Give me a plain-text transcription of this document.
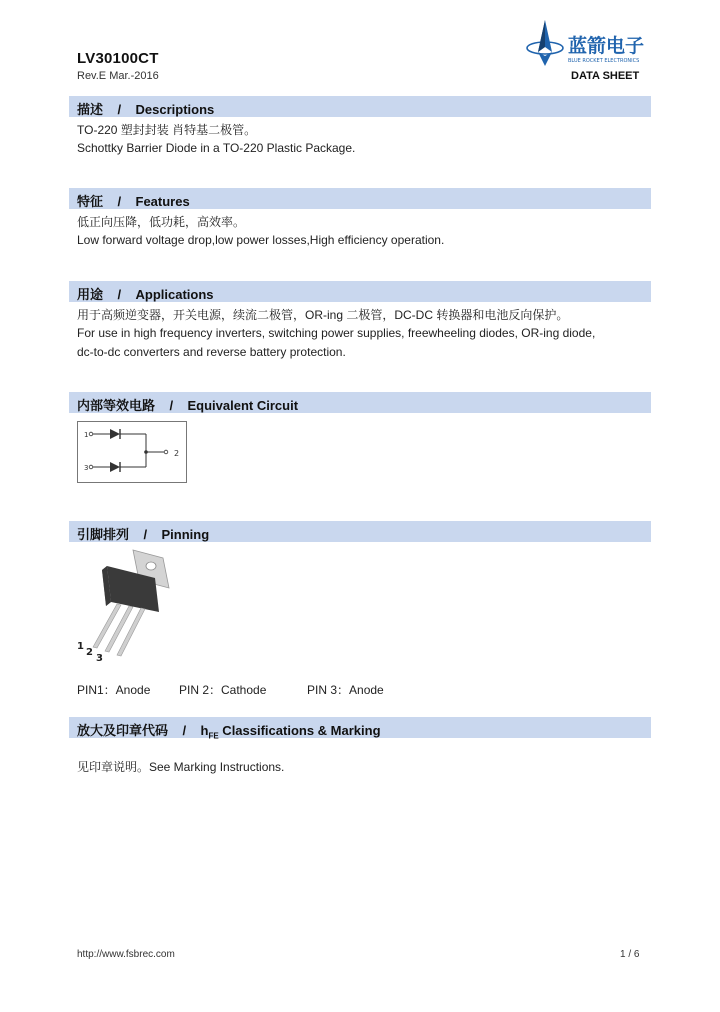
LV30100CT
Rev.E Mar.-2016
蓝箭电子
BLUE ROCKET ELECTRONICS
DATA SHEET
描述    /    Descriptions
TO-220 塑封封装 肖特基二极管。
Schottky Barrier Diode in a TO-220 Plastic Package.
特征    /    Features
低正向压降，低功耗，高效率。
Low forward voltage drop,low power losses,High efficiency operation.
用途    /    Applications
用于高频逆变器，开关电源，续流二极管，OR-ing 二极管，DC-DC 转换器和电池反向保护。
For use in high frequency inverters, switching power supplies, freewheeling diodes, OR-ing diode,
dc-to-dc converters and reverse battery protection.
内部等效电路    /    Equivalent Circuit
1
3
2
引脚排列    /    Pinning
1
2
3
PIN1：Anode PIN 2：Cathode	PIN 3：Anode
放大及印章代码    /    $h_{FE}$ Classifications & Marking
见印章说明。See Marking Instructions.
http://www.fsbrec.com	1 / 6
